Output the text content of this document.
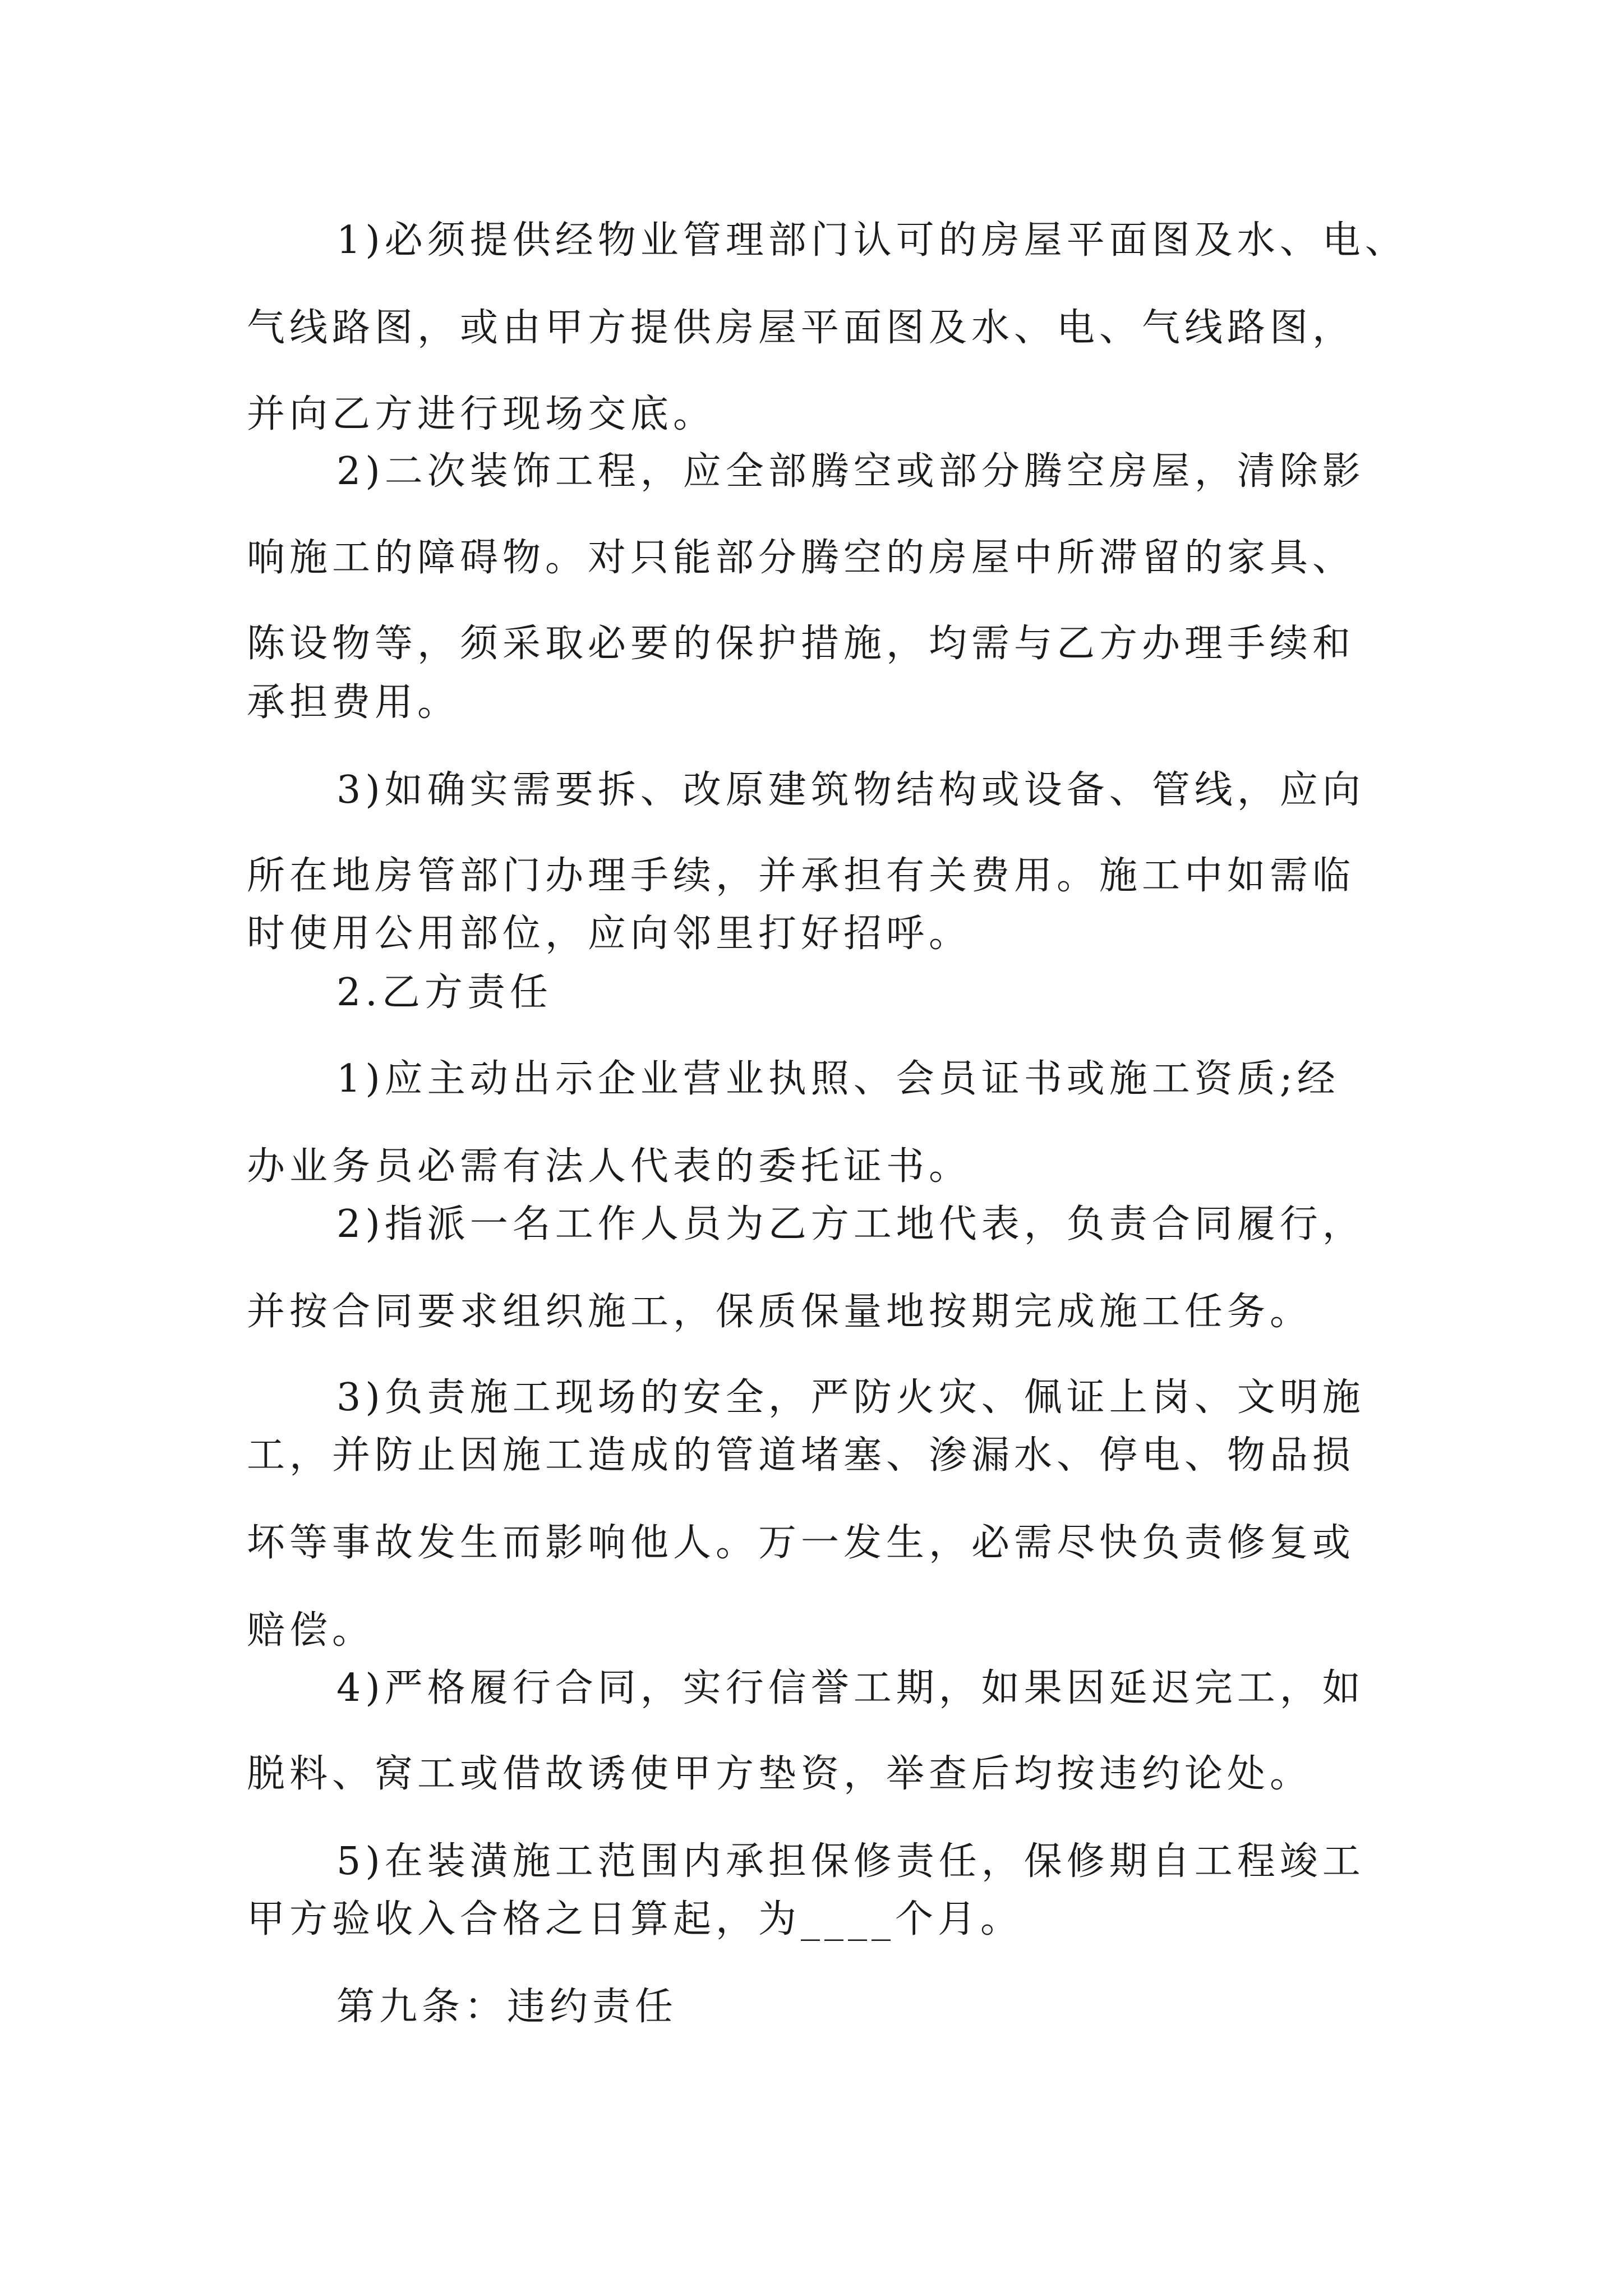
1)必须提供经物业管理部门认可的房屋平面图及水、电、

气线路图，或由甲方提供房屋平面图及水、电、气线路图，

并向乙方进行现场交底。

2)二次装饰工程，应全部腾空或部分腾空房屋，清除影

响施工的障碍物。对只能部分腾空的房屋中所滞留的家具、

陈设物等，须采取必要的保护措施，均需与乙方办理手续和

承担费用。

3)如确实需要拆、改原建筑物结构或设备、管线，应向

所在地房管部门办理手续，并承担有关费用。施工中如需临

时使用公用部位，应向邻里打好招呼。

2.乙方责任

1)应主动出示企业营业执照、会员证书或施工资质;经

办业务员必需有法人代表的委托证书。

2)指派一名工作人员为乙方工地代表，负责合同履行，

并按合同要求组织施工，保质保量地按期完成施工任务。

3)负责施工现场的安全，严防火灾、佩证上岗、文明施

工，并防止因施工造成的管道堵塞、渗漏水、停电、物品损

坏等事故发生而影响他人。万一发生，必需尽快负责修复或

赔偿。

4)严格履行合同，实行信誉工期，如果因延迟完工，如

脱料、窝工或借故诱使甲方垫资，举查后均按违约论处。

5)在装潢施工范围内承担保修责任，保修期自工程竣工

甲方验收入合格之日算起，为____个月。

第九条：违约责任
